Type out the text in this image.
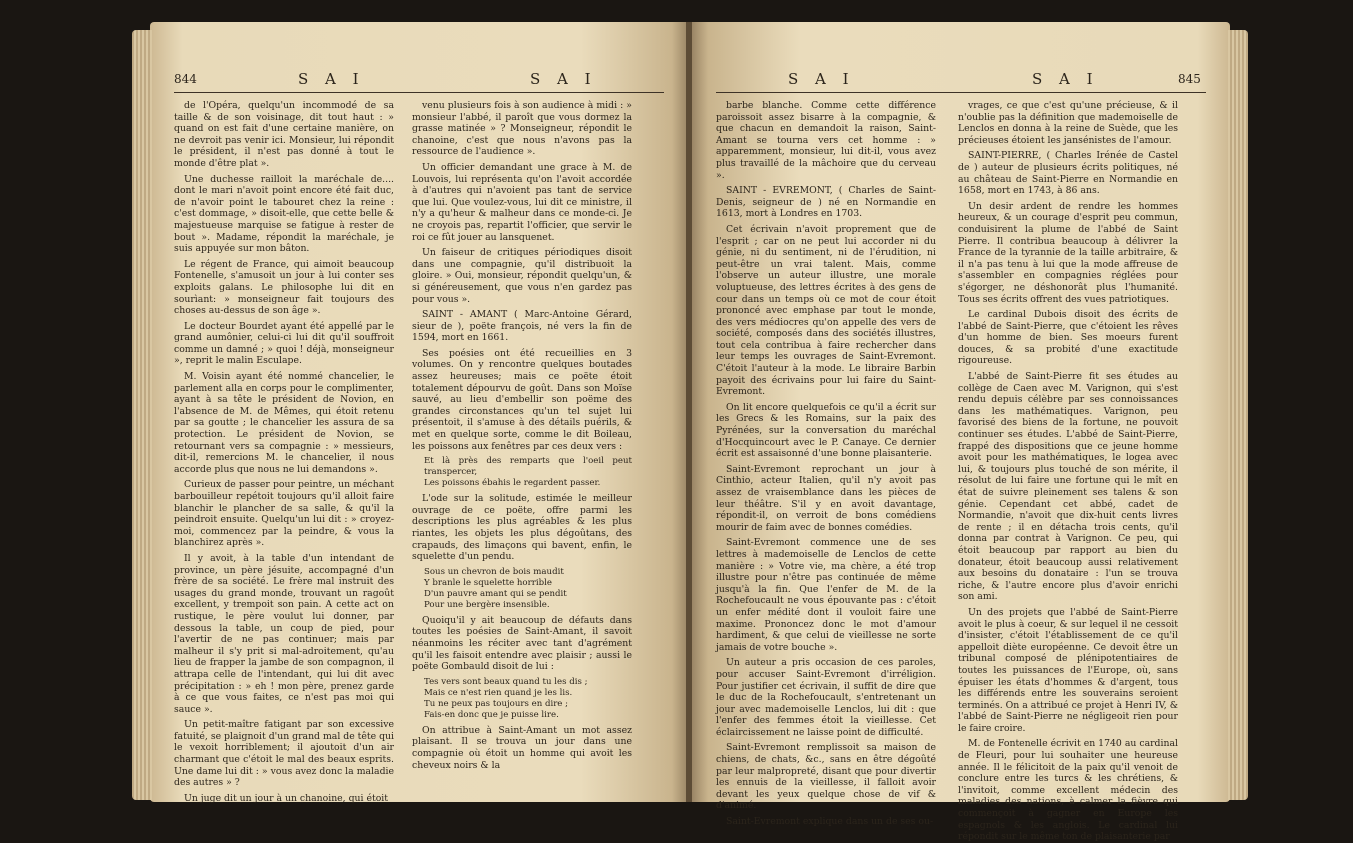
844	S A I	S A I

de l'Opéra, quelqu'un incommodé de sa taille & de son voisinage, dit tout haut : » quand on est fait d'une certaine manière, on ne devroit pas venir ici. Monsieur, lui répondit le président, il n'est pas donné à tout le monde d'être plat ».

Une duchesse railloit la maréchale de.... dont le mari n'avoit point encore été fait duc, de n'avoir point le tabouret chez la reine : c'est dommage, » disoit-elle, que cette belle & majestueuse marquise se fatigue à rester de bout ». Madame, répondit la maréchale, je suis appuyée sur mon bâton.

Le régent de France, qui aimoit beaucoup Fontenelle, s'amusoit un jour à lui conter ses exploits galans. Le philosophe lui dit en sourìant: » monseigneur fait toujours des choses au-dessus de son âge ».

Le docteur Bourdet ayant été appellé par le grand aumônier, celui-ci lui dit qu'il souffroit comme un damné ; » quoi ! déjà, monseigneur », reprit le malin Esculape.

M. Voisin ayant été nommé chancelier, le parlement alla en corps pour le complimenter, ayant à sa tête le président de Novion, en l'absence de M. de Mêmes, qui étoit retenu par sa goutte ; le chancelier les assura de sa protection. Le président de Novion, se retournant vers sa compagnie : » messieurs, dit-il, remercions M. le chancelier, il nous accorde plus que nous ne lui demandons ».

Curieux de passer pour peintre, un méchant barbouilleur repétoit toujours qu'il alloit faire blanchir le plancher de sa salle, & qu'il la peindroit ensuite. Quelqu'un lui dit : » croyez-moi, commencez par la peindre, & vous la blanchirez après ».

Il y avoit, à la table d'un intendant de province, un père jésuite, accompagné d'un frère de sa société. Le frère mal instruit des usages du grand monde, trouvant un ragoût excellent, y trempoit son pain. A cette act on rustique, le père voulut lui donner, par dessous la table, un coup de pied, pour l'avertir de ne pas continuer; mais par malheur il s'y prit si mal-adroitement, qu'au lieu de frapper la jambe de son compagnon, il attrapa celle de l'intendant, qui lui dit avec précipitation : » eh ! mon père, prenez garde à ce que vous faites, ce n'est pas moi qui sauce ».

Un petit-maître fatigant par son excessive fatuité, se plaignoit d'un grand mal de tête qui le vexoit horriblement; il ajoutoit d'un air charmant que c'étoit le mal des beaux esprits. Une dame lui dit : » vous avez donc la maladie des autres » ?

Un juge dit un jour à un chanoine, qui étoit

venu plusieurs fois à son audience à midi : » monsieur l'abbé, il paroît que vous dormez la grasse matinée » ? Monseigneur, répondit le chanoine, c'est que nous n'avons pas la ressource de l'audience ».

Un officier demandant une grace à M. de Louvois, lui représenta qu'on l'avoit accordée à d'autres qui n'avoient pas tant de service que lui. Que voulez-vous, lui dit ce ministre, il n'y a qu'heur & malheur dans ce monde-ci. Je ne croyois pas, repartit l'officier, que servir le roi ce fût jouer au lansquenet.

Un faiseur de critiques périodiques disoit dans une compagnie, qu'il distribuoit la gloire. » Oui, monsieur, répondit quelqu'un, & si généreusement, que vous n'en gardez pas pour vous ».

SAINT - AMANT ( Marc-Antoine Gérard, sieur de ), poëte françois, né vers la fin de 1594, mort en 1661.

Ses poésies ont été recueillies en 3 volumes. On y rencontre quelques boutades assez heureuses; mais ce poëte étoit totalement dépourvu de goût. Dans son Moïse sauvé, au lieu d'embellir son poëme des grandes circonstances qu'un tel sujet lui présentoit, il s'amuse à des détails puérils, & met en quelque sorte, comme le dit Boileau, les poissons aux fenêtres par ces deux vers :

Et là près des remparts que l'oeil peut transpercer,
Les poissons ébahis le regardent passer.

L'ode sur la solitude, estimée le meilleur ouvrage de ce poëte, offre parmi les descriptions les plus agréables & les plus riantes, les objets les plus dégoûtans, des crapauds, des limaçons qui bavent, enfin, le squelette d'un pendu.

Sous un chevron de bois maudit
Y branle le squelette horrible
D'un pauvre amant qui se pendit
Pour une bergère insensible.

Quoiqu'il y ait beaucoup de défauts dans toutes les poésies de Saint-Amant, il savoit néanmoins les réciter avec tant d'agrément qu'il les faisoit entendre avec plaisir ; aussi le poëte Gombauld disoit de lui :

Tes vers sont beaux quand tu les dis ;
Mais ce n'est rien quand je les lis.
Tu ne peux pas toujours en dire ;
Fais-en donc que je puisse lire.

On attribue à Saint-Amant un mot assez plaisant. Il se trouva un jour dans une compagnie où étoit un homme qui avoit les cheveux noirs & la

S A I	S A I	845

barbe blanche. Comme cette différence paroissoit assez bisarre à la compagnie, & que chacun en demandoit la raison, Saint-Amant se tourna vers cet homme : » apparemment, monsieur, lui dit-il, vous avez plus travaillé de la mâchoire que du cerveau ».

SAINT - EVREMONT, ( Charles de Saint-Denis, seigneur de ) né en Normandie en 1613, mort à Londres en 1703.

Cet écrivain n'avoit proprement que de l'esprit ; car on ne peut lui accorder ni du génie, ni du sentiment, ni de l'érudition, ni peut-être un vrai talent. Mais, comme l'observe un auteur illustre, une morale voluptueuse, des lettres écrites à des gens de cour dans un temps où ce mot de cour étoit prononcé avec emphase par tout le monde, des vers médiocres qu'on appelle des vers de société, composés dans des sociétés illustres, tout cela contribua à faire rechercher dans leur temps les ouvrages de Saint-Evremont. C'étoit l'auteur à la mode. Le libraire Barbin payoit des écrivains pour lui faire du Saint-Evremont.

On lit encore quelquefois ce qu'il a écrit sur les Grecs & les Romains, sur la paix des Pyrénées, sur la conversation du maréchal d'Hocquincourt avec le P. Canaye. Ce dernier écrit est assaisonné d'une bonne plaisanterie.

Saint-Evremont reprochant un jour à Cinthio, acteur Italien, qu'il n'y avoit pas assez de vraisemblance dans les pièces de leur théâtre. S'il y en avoit davantage, répondit-il, on verroit de bons comédiens mourir de faim avec de bonnes comédies.

Saint-Evremont commence une de ses lettres à mademoiselle de Lenclos de cette manière : » Votre vie, ma chère, a été trop illustre pour n'être pas continuée de même jusqu'à la fin. Que l'enfer de M. de la Rochefoucault ne vous épouvante pas : c'étoit un enfer médité dont il vouloit faire une maxime. Prononcez donc le mot d'amour hardiment, & que celui de vieillesse ne sorte jamais de votre bouche ».

Un auteur a pris occasion de ces paroles, pour accuser Saint-Evremont d'irréligion. Pour justifier cet écrivain, il suffit de dire que le duc de la Rochefoucault, s'entretenant un jour avec mademoiselle Lenclos, lui dit : que l'enfer des femmes étoit la vieillesse. Cet éclaircissement ne laisse point de difficulté.

Saint-Evremont remplissoit sa maison de chiens, de chats, &c., sans en être dégoûté par leur malpropreté, disant que pour divertir les ennuis de la vieillesse, il falloit avoir devant les yeux quelque chose de vif & d'animé.

Saint-Evremont explique dans un de ses ou-

vrages, ce que c'est qu'une précieuse, & il n'oublie pas la définition que mademoiselle de Lenclos en donna à la reine de Suède, que les précieuses étoient les jansénistes de l'amour.

SAINT-PIERRE, ( Charles Irénée de Castel de ) auteur de plusieurs écrits politiques, né au château de Saint-Pierre en Normandie en 1658, mort en 1743, à 86 ans.

Un desir ardent de rendre les hommes heureux, & un courage d'esprit peu commun, conduisirent la plume de l'abbé de Saint Pierre. Il contribua beaucoup à délivrer la France de la tyrannie de la taille arbitraire, & il n'a pas tenu à lui que la mode affreuse de s'assembler en compagnies réglées pour s'égorger, ne déshonorât plus l'humanité. Tous ses écrits offrent des vues patriotiques.

Le cardinal Dubois disoit des écrits de l'abbé de Saint-Pierre, que c'étoient les rêves d'un homme de bien. Ses moeurs furent douces, & sa probité d'une exactitude rigoureuse.

L'abbé de Saint-Pierre fit ses études au collège de Caen avec M. Varignon, qui s'est rendu depuis célèbre par ses connoissances dans les mathématiques. Varignon, peu favorisé des biens de la fortune, ne pouvoit continuer ses études. L'abbé de Saint-Pierre, frappé des dispositions que ce jeune homme avoit pour les mathématiques, le logea avec lui, & toujours plus touché de son mérite, il résolut de lui faire une fortune qui le mît en état de suivre pleinement ses talens & son génie. Cependant cet abbé, cadet de Normandie, n'avoit que dix-huit cents livres de rente ; il en détacha trois cents, qu'il donna par contrat à Varignon. Ce peu, qui étoit beaucoup par rapport au bien du donateur, étoit beaucoup aussi relativement aux besoins du donataire : l'un se trouva riche, & l'autre encore plus d'avoir enrichi son ami.

Un des projets que l'abbé de Saint-Pierre avoit le plus à coeur, & sur lequel il ne cessoit d'insister, c'étoit l'établissement de ce qu'il appelloit diète européenne. Ce devoit être un tribunal composé de plénipotentiaires de toutes les puissances de l'Europe, où, sans épuiser les états d'hommes & d'argent, tous les différends entre les souverains seroient terminés. On a attribué ce projet à Henri IV, & l'abbé de Saint-Pierre ne négligeoit rien pour le faire croire.

M. de Fontenelle écrivit en 1740 au cardinal de Fleuri, pour lui souhaiter une heureuse année. Il le félicitoit de la paix qu'il venoit de conclure entre les turcs & les chrétiens, & l'invitoit, comme excellent médecin des maladies des nations, à calmer la fièvre qui commençoit à gagner en Europe les espagnols & les anglois. Le cardinal lui répondit sur le même ton de plaisanterie par
